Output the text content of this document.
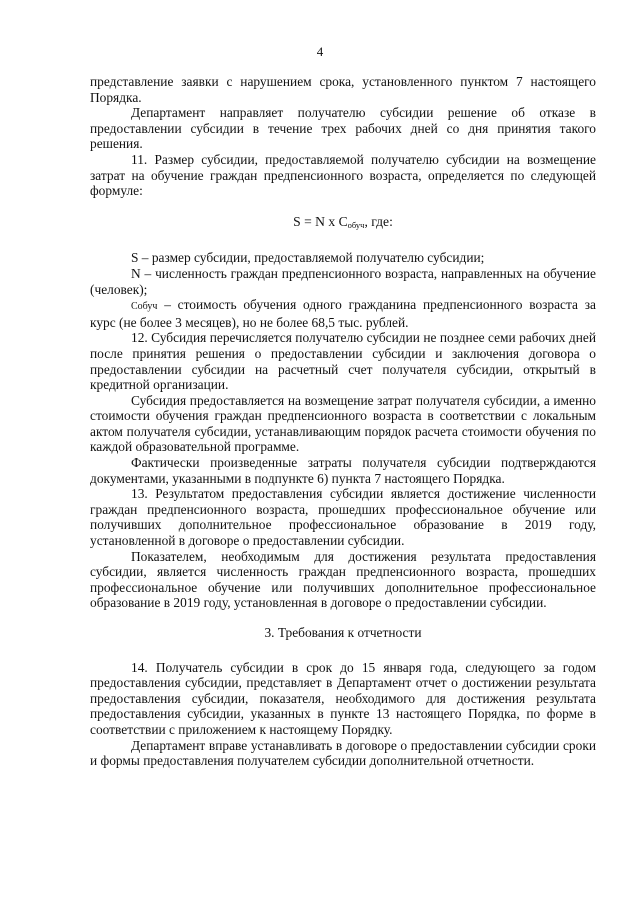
4

представление заявки с нарушением срока, установленного пунктом 7 настоящего Порядка.

Департамент направляет получателю субсидии решение об отказе в предоставлении субсидии в течение трех рабочих дней со дня принятия такого решения.

11. Размер субсидии, предоставляемой получателю субсидии на возмещение затрат на обучение граждан предпенсионного возраста, определяется по следующей формуле:

S = N x $C_{обуч}$, где:

S – размер субсидии, предоставляемой получателю субсидии;

N – численность граждан предпенсионного возраста, направленных на обучение (человек);

Cобуч – стоимость обучения одного гражданина предпенсионного возраста за курс (не более 3 месяцев), но не более 68,5 тыс. рублей.

12. Субсидия перечисляется получателю субсидии не позднее семи рабочих дней после принятия решения о предоставлении субсидии и заключения договора о предоставлении субсидии на расчетный счет получателя субсидии, открытый в кредитной организации.

Субсидия предоставляется на возмещение затрат получателя субсидии, а именно стоимости обучения граждан предпенсионного возраста в соответствии с локальным актом получателя субсидии, устанавливающим порядок расчета стоимости обучения по каждой образовательной программе.

Фактически произведенные затраты получателя субсидии подтверждаются документами, указанными в подпункте 6) пункта 7 настоящего Порядка.

13. Результатом предоставления субсидии является достижение численности граждан предпенсионного возраста, прошедших профессиональное обучение или получивших дополнительное профессиональное образование в 2019 году, установленной в договоре о предоставлении субсидии.

Показателем, необходимым для достижения результата предоставления субсидии, является численность граждан предпенсионного возраста, прошедших профессиональное обучение или получивших дополнительное профессиональное образование в 2019 году, установленная в договоре о предоставлении субсидии.

3. Требования к отчетности

14. Получатель субсидии в срок до 15 января года, следующего за годом предоставления субсидии, представляет в Департамент отчет о достижении результата предоставления субсидии, показателя, необходимого для достижения результата предоставления субсидии, указанных в пункте 13 настоящего Порядка, по форме в соответствии с приложением к настоящему Порядку.

Департамент вправе устанавливать в договоре о предоставлении субсидии сроки и формы предоставления получателем субсидии дополнительной отчетности.
